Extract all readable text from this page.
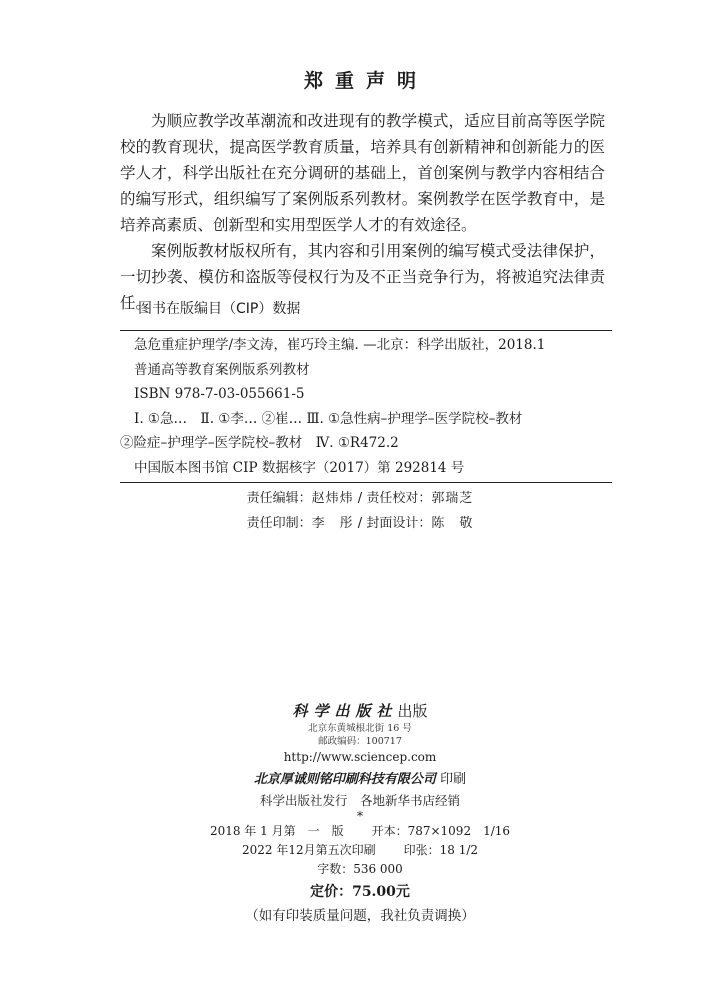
郑重声明

为顺应教学改革潮流和改进现有的教学模式，适应目前高等医学院校的教育现状，提高医学教育质量，培养具有创新精神和创新能力的医学人才，科学出版社在充分调研的基础上，首创案例与教学内容相结合的编写形式，组织编写了案例版系列教材。案例教学在医学教育中，是培养高素质、创新型和实用型医学人才的有效途径。

案例版教材版权所有，其内容和引用案例的编写模式受法律保护，一切抄袭、模仿和盗版等侵权行为及不正当竞争行为，将被追究法律责任。

图书在版编目（CIP）数据
急危重症护理学/李文涛，崔巧玲主编. —北京：科学出版社，2018.1
普通高等教育案例版系列教材
ISBN 978-7-03-055661-5
Ⅰ. ①急…　Ⅱ. ①李… ②崔… Ⅲ. ①急性病–护理学–医学院校–教材
②险症–护理学–医学院校–教材　Ⅳ. ①R472.2
中国版本图书馆 CIP 数据核字（2017）第 292814 号
责任编辑：赵炜炜 / 责任校对：郭瑞芝
责任印制：李　彤 / 封面设计：陈　敬
科学出版社出版
北京东黄城根北街 16 号
邮政编码：100717
http://www.sciencep.com
北京厚诚则铭印刷科技有限公司 印刷
科学出版社发行　各地新华书店经销
*
2018 年 1 月第　一　版 开本：787×1092　1/16
2022 年12月第五次印刷 印张：18 1/2
字数：536 000
定价：75.00元
（如有印装质量问题，我社负责调换）
